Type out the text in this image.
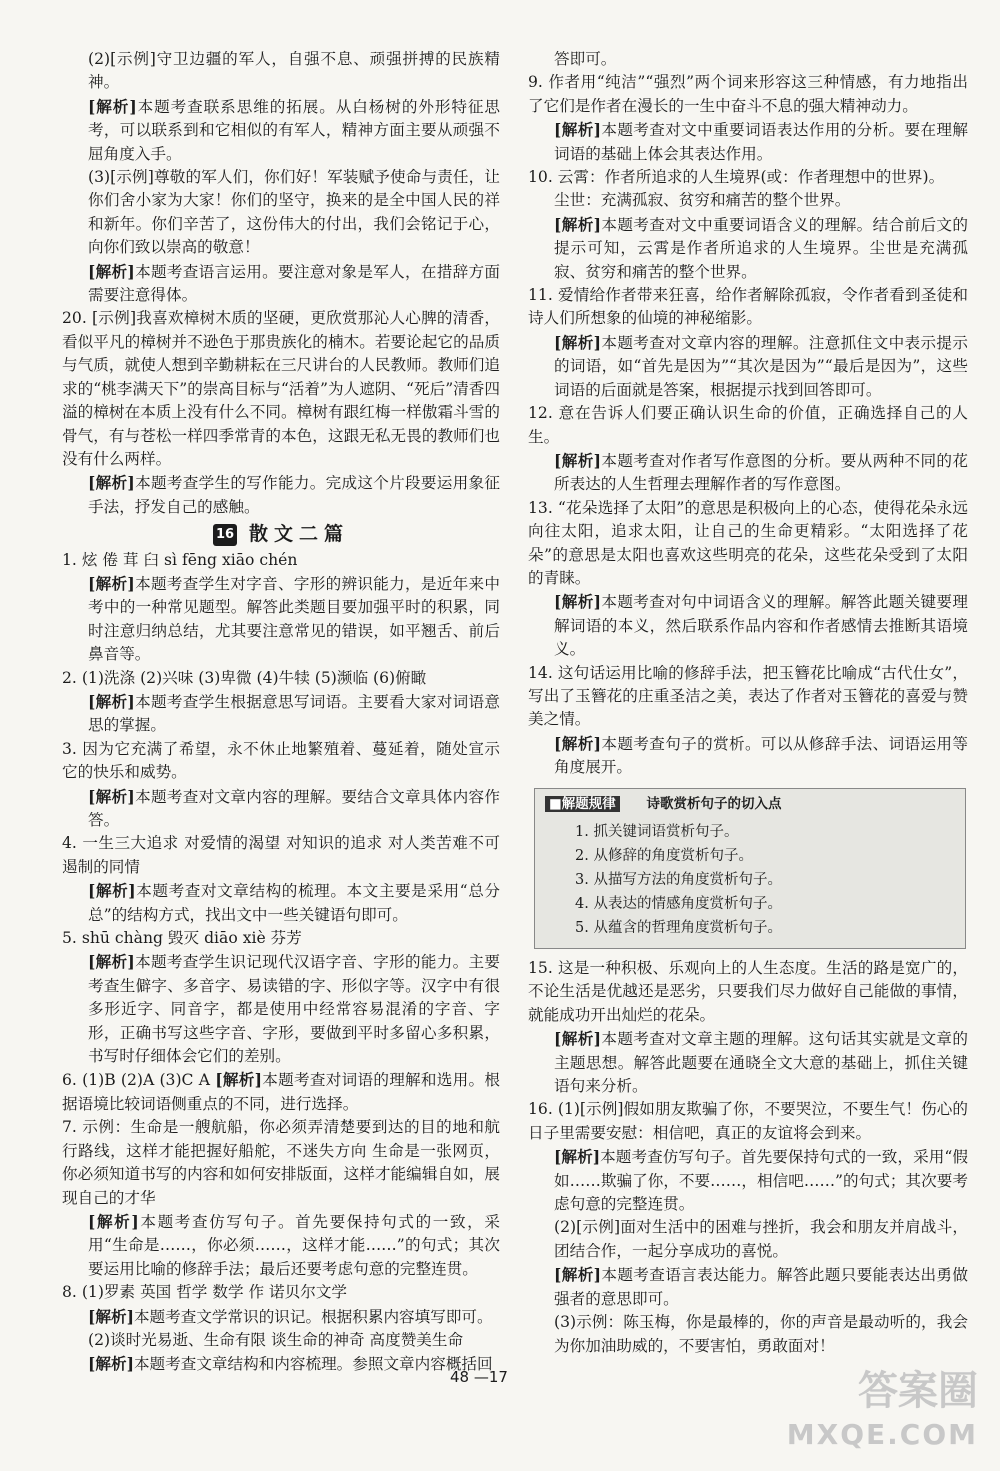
(2)[示例]守卫边疆的军人，自强不息、顽强拼搏的民族精神。

[解析]本题考查联系思维的拓展。从白杨树的外形特征思考，可以联系到和它相似的有军人，精神方面主要从顽强不屈角度入手。

(3)[示例]尊敬的军人们，你们好！军装赋予使命与责任，让你们舍小家为大家！你们的坚守，换来的是全中国人民的祥和新年。你们辛苦了，这份伟大的付出，我们会铭记于心，向你们致以崇高的敬意！

[解析]本题考查语言运用。要注意对象是军人，在措辞方面需要注意得体。

20. [示例]我喜欢樟树木质的坚硬，更欣赏那沁人心脾的清香，看似平凡的樟树并不逊色于那贵族化的楠木。若要论起它的品质与气质，就使人想到辛勤耕耘在三尺讲台的人民教师。教师们追求的“桃李满天下”的崇高目标与“活着”为人遮阴、“死后”清香四溢的樟树在本质上没有什么不同。樟树有跟红梅一样傲霜斗雪的骨气，有与苍松一样四季常青的本色，这跟无私无畏的教师们也没有什么两样。

[解析]本题考查学生的写作能力。完成这个片段要运用象征手法，抒发自己的感触。

16 散文二篇

1. 炫 倦 茸 臼 sì fēng xiāo chén

[解析]本题考查学生对字音、字形的辨识能力，是近年来中考中的一种常见题型。解答此类题目要加强平时的积累，同时注意归纳总结，尤其要注意常见的错误，如平翘舌、前后鼻音等。

2. (1)洗涤 (2)兴味 (3)卑微 (4)牛犊 (5)濒临 (6)俯瞰

[解析]本题考查学生根据意思写词语。主要看大家对词语意思的掌握。

3. 因为它充满了希望，永不休止地繁殖着、蔓延着，随处宣示它的快乐和威势。

[解析]本题考查对文章内容的理解。要结合文章具体内容作答。

4. 一生三大追求 对爱情的渴望 对知识的追求 对人类苦难不可遏制的同情

[解析]本题考查对文章结构的梳理。本文主要是采用“总分总”的结构方式，找出文中一些关键语句即可。

5. shū chàng 毁灭 diāo xiè 芬芳

[解析]本题考查学生识记现代汉语字音、字形的能力。主要考查生僻字、多音字、易读错的字、形似字等。汉字中有很多形近字、同音字，都是使用中经常容易混淆的字音、字形，正确书写这些字音、字形，要做到平时多留心多积累，书写时仔细体会它们的差别。

6. (1)B (2)A (3)C A [解析]本题考查对词语的理解和选用。根据语境比较词语侧重点的不同，进行选择。

7. 示例：生命是一艘航船，你必须弄清楚要到达的目的地和航行路线，这样才能把握好船舵，不迷失方向 生命是一张网页，你必须知道书写的内容和如何安排版面，这样才能编辑自如，展现自己的才华

[解析]本题考查仿写句子。首先要保持句式的一致，采用“生命是……，你必须……，这样才能……”的句式；其次要运用比喻的修辞手法；最后还要考虑句意的完整连贯。

8. (1)罗素 英国 哲学 数学 作 诺贝尔文学

[解析]本题考查文学常识的识记。根据积累内容填写即可。

(2)谈时光易逝、生命有限 谈生命的神奇 高度赞美生命

[解析]本题考查文章结构和内容梳理。参照文章内容概括回

答即可。

9. 作者用“纯洁”“强烈”两个词来形容这三种情感，有力地指出了它们是作者在漫长的一生中奋斗不息的强大精神动力。

[解析]本题考查对文中重要词语表达作用的分析。要在理解词语的基础上体会其表达作用。

10. 云霄：作者所追求的人生境界(或：作者理想中的世界)。

尘世：充满孤寂、贫穷和痛苦的整个世界。

[解析]本题考查对文中重要词语含义的理解。结合前后文的提示可知，云霄是作者所追求的人生境界。尘世是充满孤寂、贫穷和痛苦的整个世界。

11. 爱情给作者带来狂喜，给作者解除孤寂，令作者看到圣徒和诗人们所想象的仙境的神秘缩影。

[解析]本题考查对文章内容的理解。注意抓住文中表示提示的词语，如“首先是因为”“其次是因为”“最后是因为”，这些词语的后面就是答案，根据提示找到回答即可。

12. 意在告诉人们要正确认识生命的价值，正确选择自己的人生。

[解析]本题考查对作者写作意图的分析。要从两种不同的花所表达的人生哲理去理解作者的写作意图。

13. “花朵选择了太阳”的意思是积极向上的心态，使得花朵永远向往太阳，追求太阳，让自己的生命更精彩。“太阳选择了花朵”的意思是太阳也喜欢这些明亮的花朵，这些花朵受到了太阳的青睐。

[解析]本题考查对句中词语含义的理解。解答此题关键要理解词语的本义，然后联系作品内容和作者感情去推断其语境义。

14. 这句话运用比喻的修辞手法，把玉簪花比喻成“古代仕女”，写出了玉簪花的庄重圣洁之美，表达了作者对玉簪花的喜爱与赞美之情。

[解析]本题考查句子的赏析。可以从修辞手法、词语运用等角度展开。

■解题规律 诗歌赏析句子的切入点
1. 抓关键词语赏析句子。
2. 从修辞的角度赏析句子。
3. 从描写方法的角度赏析句子。
4. 从表达的情感角度赏析句子。
5. 从蕴含的哲理角度赏析句子。

15. 这是一种积极、乐观向上的人生态度。生活的路是宽广的，不论生活是优越还是恶劣，只要我们尽力做好自己能做的事情，就能成功开出灿烂的花朵。

[解析]本题考查对文章主题的理解。这句话其实就是文章的主题思想。解答此题要在通晓全文大意的基础上，抓住关键语句来分析。

16. (1)[示例]假如朋友欺骗了你，不要哭泣，不要生气！伤心的日子里需要安慰：相信吧，真正的友谊将会到来。

[解析]本题考查仿写句子。首先要保持句式的一致，采用“假如……欺骗了你，不要……，相信吧……”的句式；其次要考虑句意的完整连贯。

(2)[示例]面对生活中的困难与挫折，我会和朋友并肩战斗，团结合作，一起分享成功的喜悦。

[解析]本题考查语言表达能力。解答此题只要能表达出勇做强者的意思即可。

(3)示例：陈玉梅，你是最棒的，你的声音是最动听的，我会为你加油助威的，不要害怕，勇敢面对！

48 —17	答案圈
MXQE.COM
